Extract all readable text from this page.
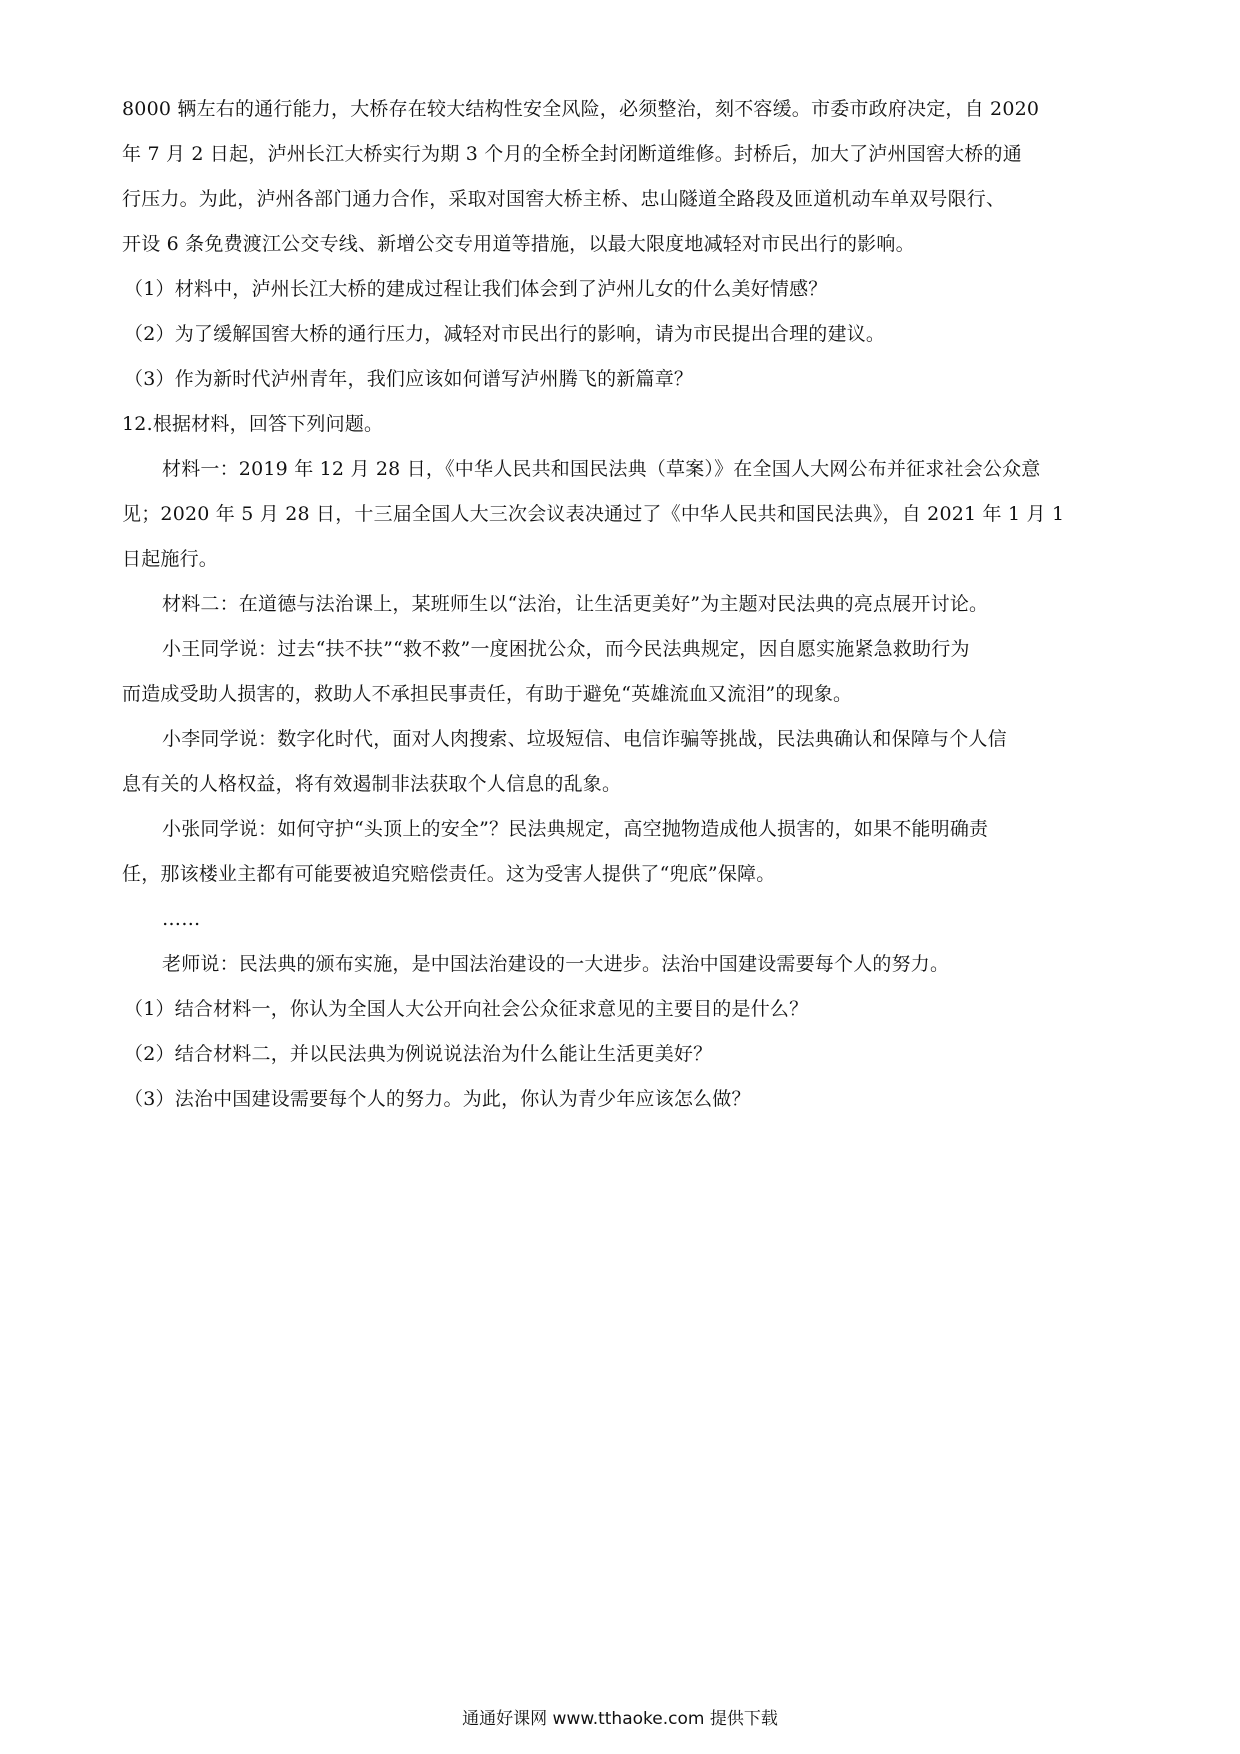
8000 辆左右的通行能力，大桥存在较大结构性安全风险，必须整治，刻不容缓。市委市政府决定，自 2020
年 7 月 2 日起，泸州长江大桥实行为期 3 个月的全桥全封闭断道维修。封桥后，加大了泸州国窖大桥的通
行压力。为此，泸州各部门通力合作，采取对国窖大桥主桥、忠山隧道全路段及匝道机动车单双号限行、
开设 6 条免费渡江公交专线、新增公交专用道等措施，以最大限度地减轻对市民出行的影响。
（1）材料中，泸州长江大桥的建成过程让我们体会到了泸州儿女的什么美好情感？
（2）为了缓解国窖大桥的通行压力，减轻对市民出行的影响，请为市民提出合理的建议。
（3）作为新时代泸州青年，我们应该如何谱写泸州腾飞的新篇章？
12.根据材料，回答下列问题。
材料一：2019 年 12 月 28 日，《中华人民共和国民法典（草案）》在全国人大网公布并征求社会公众意
见；2020 年 5 月 28 日，十三届全国人大三次会议表决通过了《中华人民共和国民法典》，自 2021 年 1 月 1
日起施行。
材料二：在道德与法治课上，某班师生以“法治，让生活更美好”为主题对民法典的亮点展开讨论。
小王同学说：过去“扶不扶”“救不救”一度困扰公众，而今民法典规定，因自愿实施紧急救助行为
而造成受助人损害的，救助人不承担民事责任，有助于避免“英雄流血又流泪”的现象。
小李同学说：数字化时代，面对人肉搜索、垃圾短信、电信诈骗等挑战，民法典确认和保障与个人信
息有关的人格权益，将有效遏制非法获取个人信息的乱象。
小张同学说：如何守护“头顶上的安全”？民法典规定，高空抛物造成他人损害的，如果不能明确责
任，那该楼业主都有可能要被追究赔偿责任。这为受害人提供了“兜底”保障。
……
老师说：民法典的颁布实施，是中国法治建设的一大进步。法治中国建设需要每个人的努力。
（1）结合材料一，你认为全国人大公开向社会公众征求意见的主要目的是什么？
（2）结合材料二，并以民法典为例说说法治为什么能让生活更美好？
（3）法治中国建设需要每个人的努力。为此，你认为青少年应该怎么做？
通通好课网 www.tthaoke.com 提供下载
